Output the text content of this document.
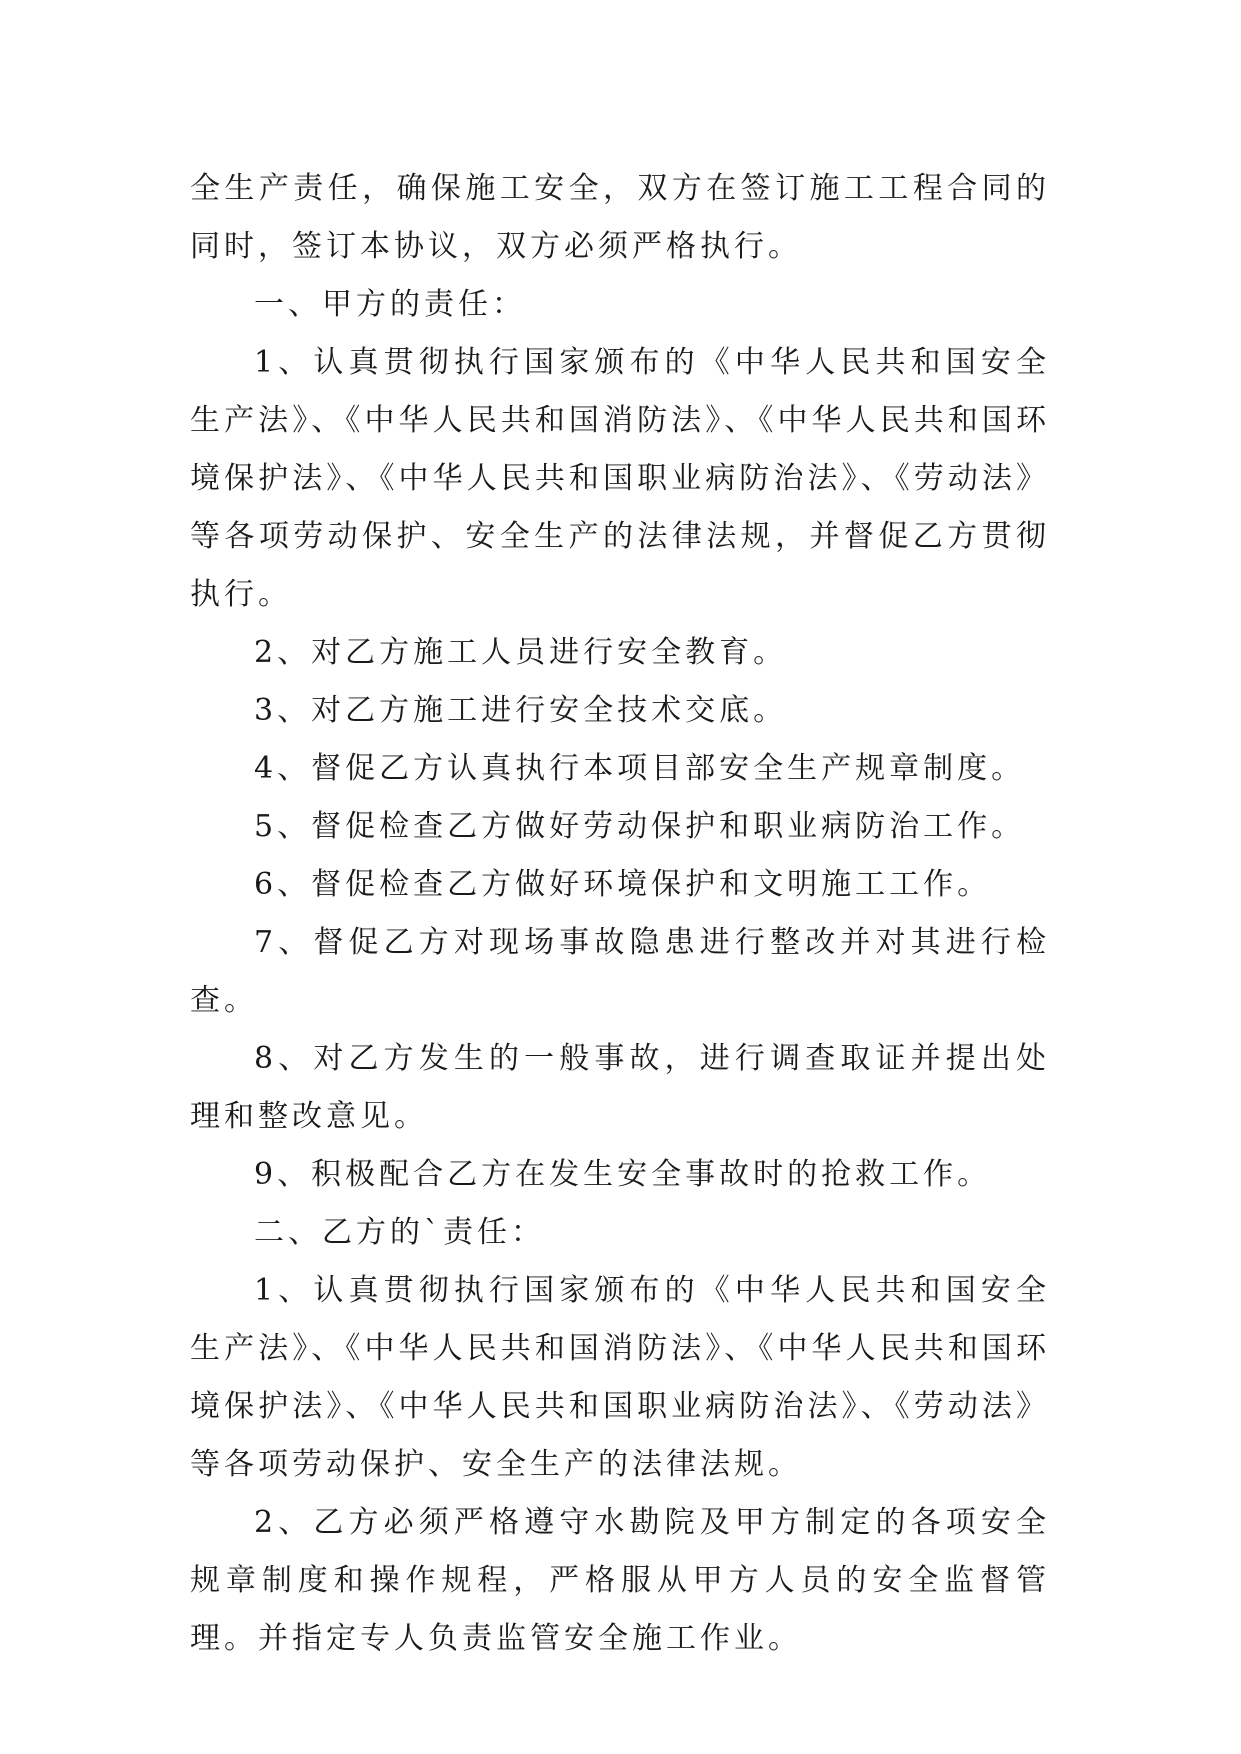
全生产责任，确保施工安全，双方在签订施工工程合同的同时，签订本协议，双方必须严格执行。

一、甲方的责任：

1、认真贯彻执行国家颁布的《中华人民共和国安全生产法》、《中华人民共和国消防法》、《中华人民共和国环境保护法》、《中华人民共和国职业病防治法》、《劳动法》等各项劳动保护、安全生产的法律法规，并督促乙方贯彻执行。

2、对乙方施工人员进行安全教育。

3、对乙方施工进行安全技术交底。

4、督促乙方认真执行本项目部安全生产规章制度。

5、督促检查乙方做好劳动保护和职业病防治工作。

6、督促检查乙方做好环境保护和文明施工工作。

7、督促乙方对现场事故隐患进行整改并对其进行检查。

8、对乙方发生的一般事故，进行调查取证并提出处理和整改意见。

9、积极配合乙方在发生安全事故时的抢救工作。

二、乙方的`责任：

1、认真贯彻执行国家颁布的《中华人民共和国安全生产法》、《中华人民共和国消防法》、《中华人民共和国环境保护法》、《中华人民共和国职业病防治法》、《劳动法》等各项劳动保护、安全生产的法律法规。

2、乙方必须严格遵守水勘院及甲方制定的各项安全规章制度和操作规程，严格服从甲方人员的安全监督管理。并指定专人负责监管安全施工作业。
